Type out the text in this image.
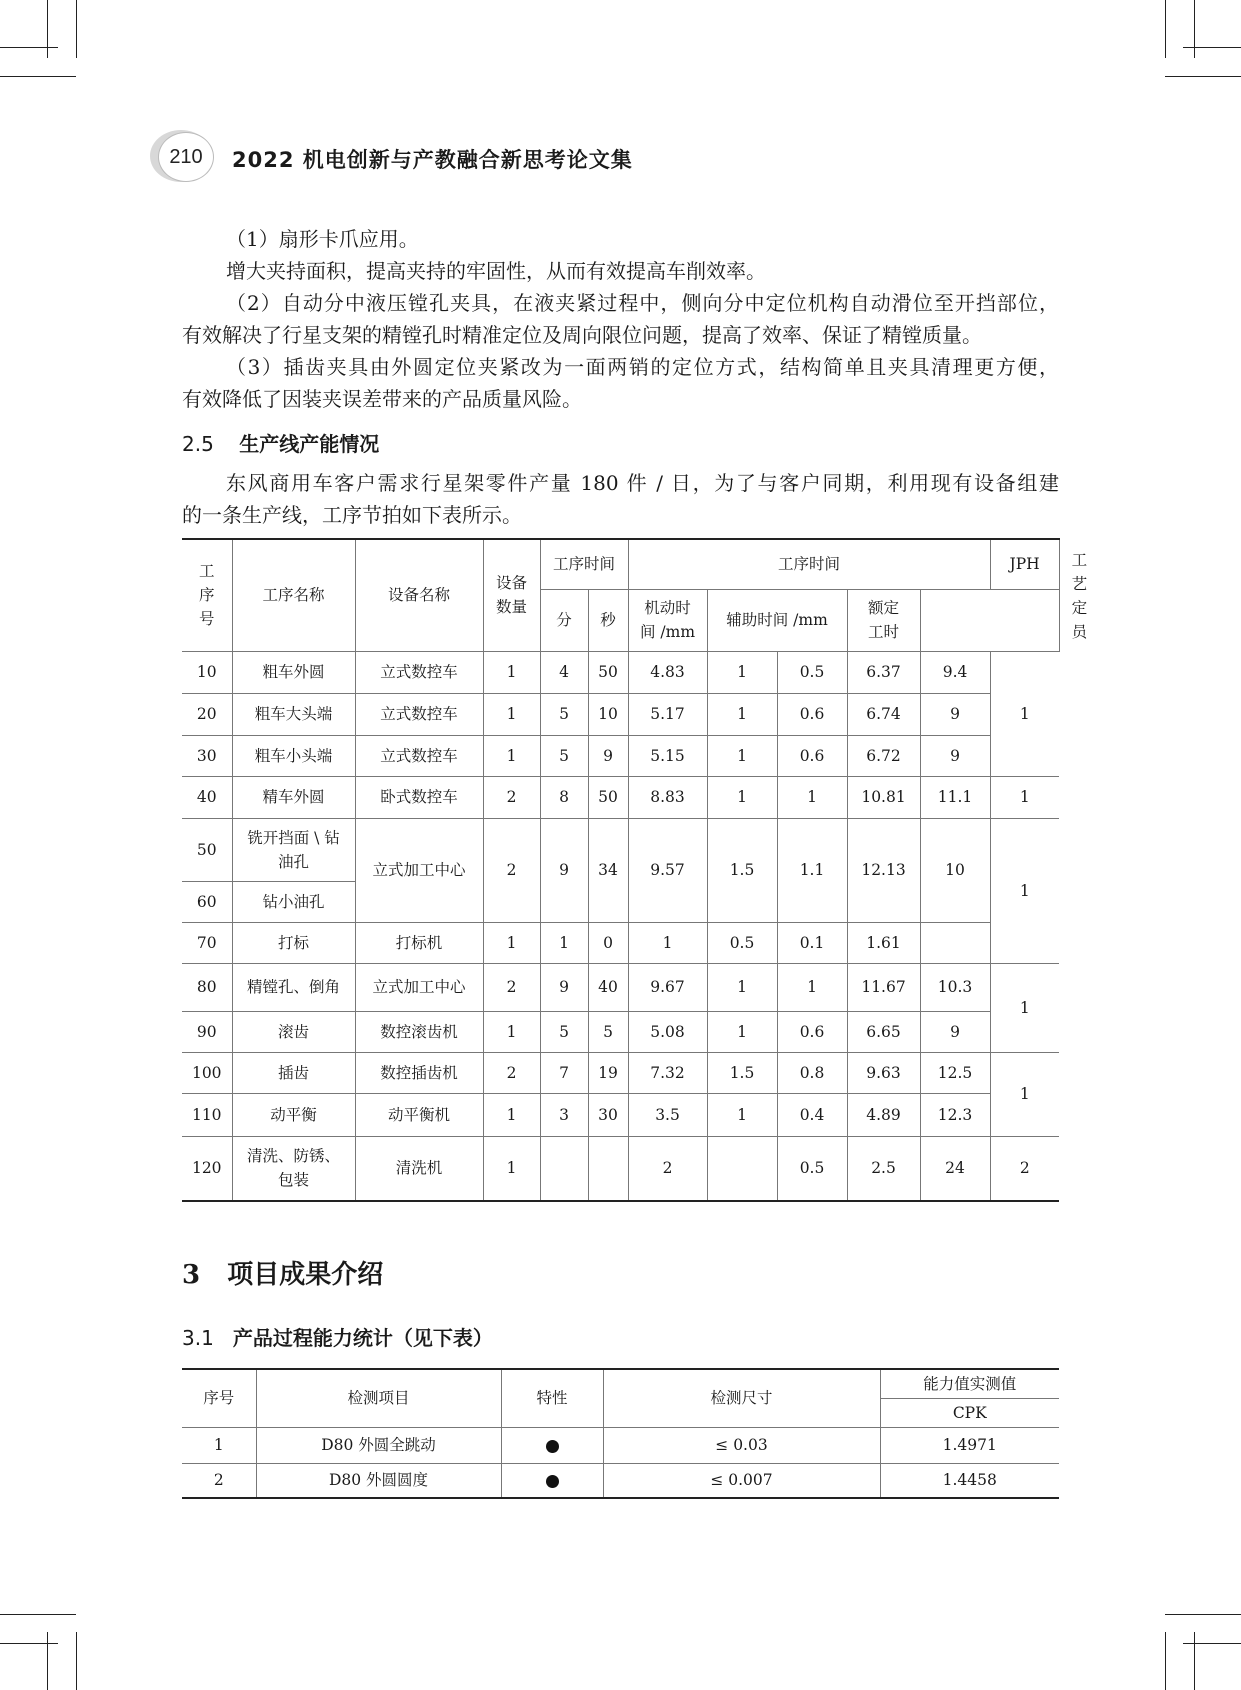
210	2022 机电创新与产教融合新思考论文集

（1）扇形卡爪应用。

增大夹持面积，提高夹持的牢固性，从而有效提高车削效率。

（2）自动分中液压镗孔夹具，在液夹紧过程中，侧向分中定位机构自动滑位至开挡部位，

有效解决了行星支架的精镗孔时精准定位及周向限位问题，提高了效率、保证了精镗质量。

（3）插齿夹具由外圆定位夹紧改为一面两销的定位方式，结构简单且夹具清理更方便，

有效降低了因装夹误差带来的产品质量风险。

2.5 生产线产能情况

东风商用车客户需求行星架零件产量 180 件 / 日，为了与客户同期，利用现有设备组建

的一条生产线，工序节拍如下表所示。

工序号	工序名称	设备名称	设备数量	工序时间		工序时间					JPH	工艺定员
				分	秒	机动时间 /mm	辅助时间 /mm		额定工时			
10	粗车外圆	立式数控车	1	4	50	4.83	1	0.5	6.37	9.4	1	
20	粗车大头端	立式数控车	1	5	10	5.17	1	0.6	6.74	9		
30	粗车小头端	立式数控车	1	5	9	5.15	1	0.6	6.72	9		
40	精车外圆	卧式数控车	2	8	50	8.83	1	1	10.81	11.1	1	
50	铣开挡面 \ 钻油孔	立式加工中心	2	9	34	9.57	1.5	1.1	12.13	10	1	
60	钻小油孔											
70	打标	打标机	1	1	0	1	0.5	0.1	1.61			
80	精镗孔、倒角	立式加工中心	2	9	40	9.67	1	1	11.67	10.3	1	
90	滚齿	数控滚齿机	1	5	5	5.08	1	0.6	6.65	9		
100	插齿	数控插齿机	2	7	19	7.32	1.5	0.8	9.63	12.5	1	
110	动平衡	动平衡机	1	3	30	3.5	1	0.4	4.89	12.3		
120	清洗、防锈、包装	清洗机	1			2		0.5	2.5	24	2	
3 项目成果介绍
3.1 产品过程能力统计（见下表）
序号	检测项目	特性	检测尺寸	能力值实测值
				CPK
1	D80 外圆全跳动		≤ 0.03	1.4971
2	D80 外圆圆度		≤ 0.007	1.4458
